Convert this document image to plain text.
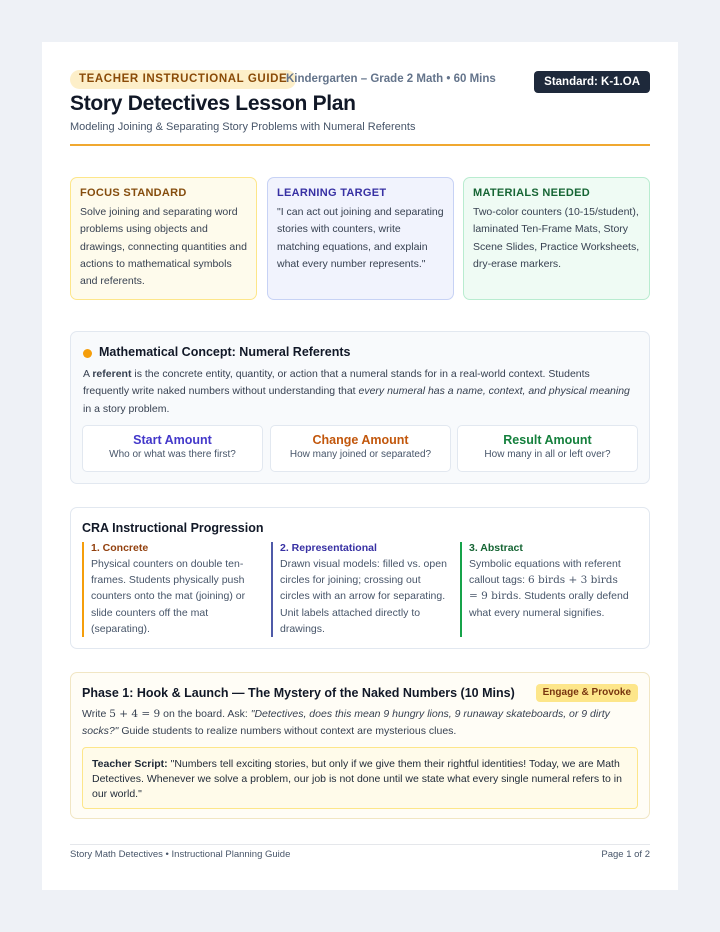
TEACHER INSTRUCTIONAL GUIDE
Kindergarten – Grade 2 Math • 60 Mins	Standard: K-1.OA
Story Detectives Lesson Plan
Modeling Joining & Separating Story Problems with Numeral Referents
FOCUS STANDARD

Solve joining and separating word problems using objects and drawings, connecting quantities and actions to mathematical symbols and referents.

LEARNING TARGET

"I can act out joining and separating stories with counters, write matching equations, and explain what every number represents."

MATERIALS NEEDED

Two-color counters (10-15/student), laminated Ten-Frame Mats, Story Scene Slides, Practice Worksheets, dry-erase markers.

Mathematical Concept: Numeral Referents

A referent is the concrete entity, quantity, or action that a numeral stands for in a real-world context. Students frequently write naked numbers without understanding that every numeral has a name, context, and physical meaning in a story problem.

Start Amount
Who or what was there first?
Change Amount
How many joined or separated?
Result Amount
How many in all or left over?
CRA Instructional Progression
1. Concrete

Physical counters on double ten-frames. Students physically push counters onto the mat (joining) or slide counters off the mat (separating).

2. Representational

Drawn visual models: filled vs. open circles for joining; crossing out circles with an arrow for separating. Unit labels attached directly to drawings.

3. Abstract

Symbolic equations with referent callout tags: 6 birds + 3 birds
= 9 birds. Students orally defend what every numeral signifies.

Phase 1: Hook & Launch — The Mystery of the Naked Numbers (10 Mins)	Engage & Provoke

Write 5 + 4 = 9 on the board. Ask: "Detectives, does this mean 9 hungry lions, 9 runaway skateboards, or 9 dirty socks?" Guide students to realize numbers without context are mysterious clues.

Teacher Script: "Numbers tell exciting stories, but only if we give them their rightful identities! Today, we are Math Detectives. Whenever we solve a problem, our job is not done until we state what every single numeral refers to in our world."
Story Math Detectives • Instructional Planning Guide	Page 1 of 2
